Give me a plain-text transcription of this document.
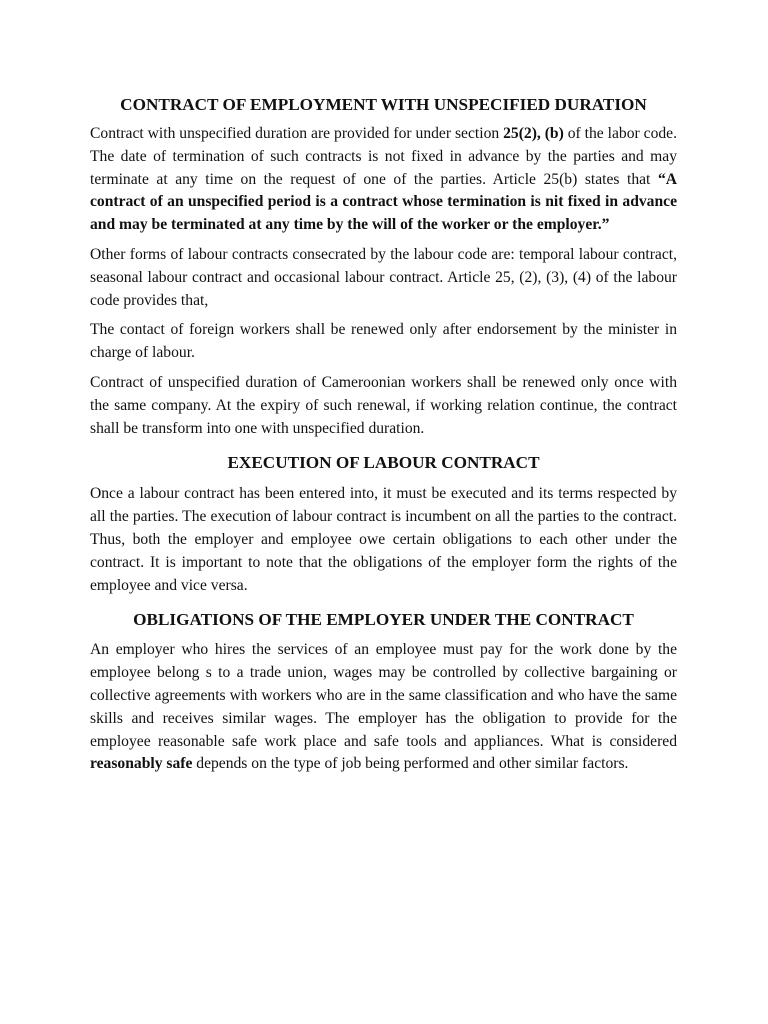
CONTRACT OF EMPLOYMENT WITH UNSPECIFIED DURATION

Contract with unspecified duration are provided for under section 25(2), (b) of the labor code. The date of termination of such contracts is not fixed in advance by the parties and may terminate at any time on the request of one of the parties. Article 25(b) states that “A contract of an unspecified period is a contract whose termination is nit fixed in advance and may be terminated at any time by the will of the worker or the employer.”

Other forms of labour contracts consecrated by the labour code are: temporal labour contract, seasonal labour contract and occasional labour contract. Article 25, (2), (3), (4) of the labour code provides that,

The contact of foreign workers shall be renewed only after endorsement by the minister in charge of labour.

Contract of unspecified duration of Cameroonian workers shall be renewed only once with the same company. At the expiry of such renewal, if working relation continue, the contract shall be transform into one with unspecified duration.

EXECUTION OF LABOUR CONTRACT

Once a labour contract has been entered into, it must be executed and its terms respected by all the parties. The execution of labour contract is incumbent on all the parties to the contract. Thus, both the employer and employee owe certain obligations to each other under the contract. It is important to note that the obligations of the employer form the rights of the employee and vice versa.

OBLIGATIONS OF THE EMPLOYER UNDER THE CONTRACT

An employer who hires the services of an employee must pay for the work done by the employee belong s to a trade union, wages may be controlled by collective bargaining or collective agreements with workers who are in the same classification and who have the same skills and receives similar wages. The employer has the obligation to provide for the employee reasonable safe work place and safe tools and appliances. What is considered reasonably safe depends on the type of job being performed and other similar factors.
